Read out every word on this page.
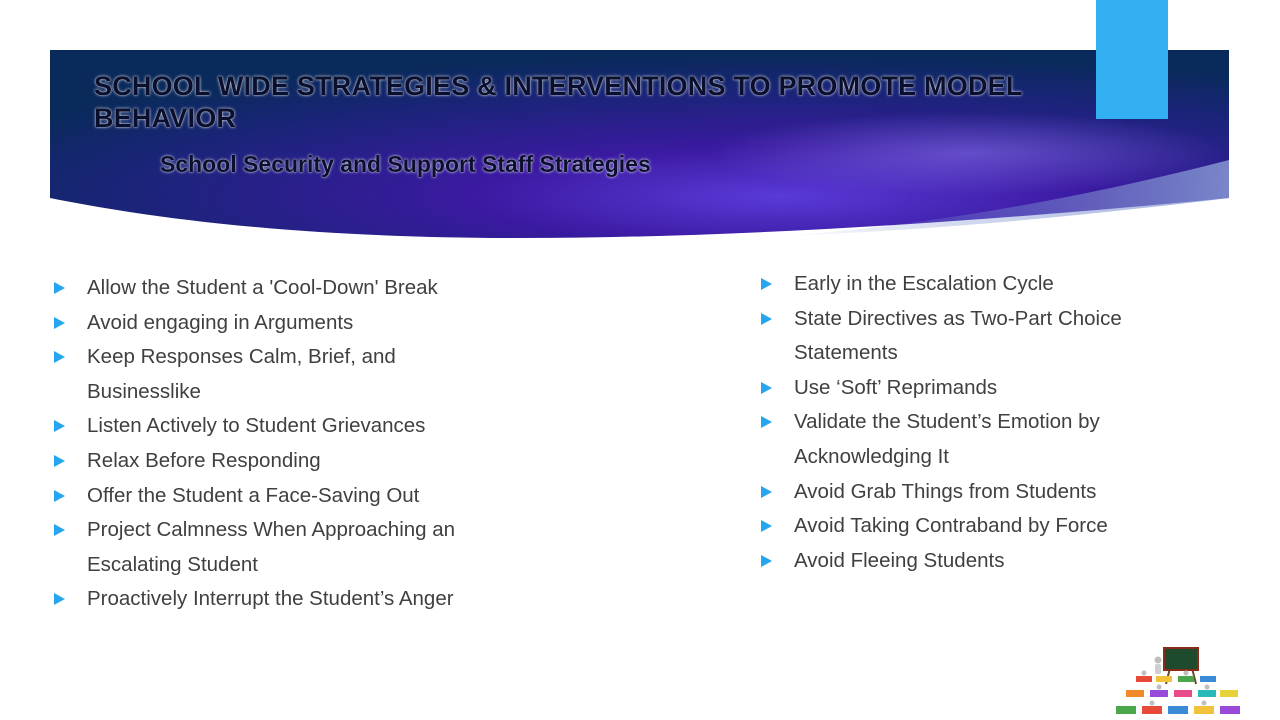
SCHOOL WIDE STRATEGIES & INTERVENTIONS TO PROMOTE MODEL BEHAVIOR
School Security and Support Staff Strategies
Allow the Student a 'Cool-Down' Break
Avoid engaging in Arguments
Keep Responses Calm, Brief, and Businesslike
Listen Actively to Student Grievances
Relax Before Responding
Offer the Student a Face-Saving Out
Project Calmness When Approaching an Escalating Student
Proactively Interrupt the Student’s Anger
Early in the Escalation Cycle
State Directives as Two-Part Choice Statements
Use ‘Soft’ Reprimands
Validate the Student’s Emotion by Acknowledging It
Avoid Grab Things from Students
Avoid Taking Contraband by Force
Avoid Fleeing Students
